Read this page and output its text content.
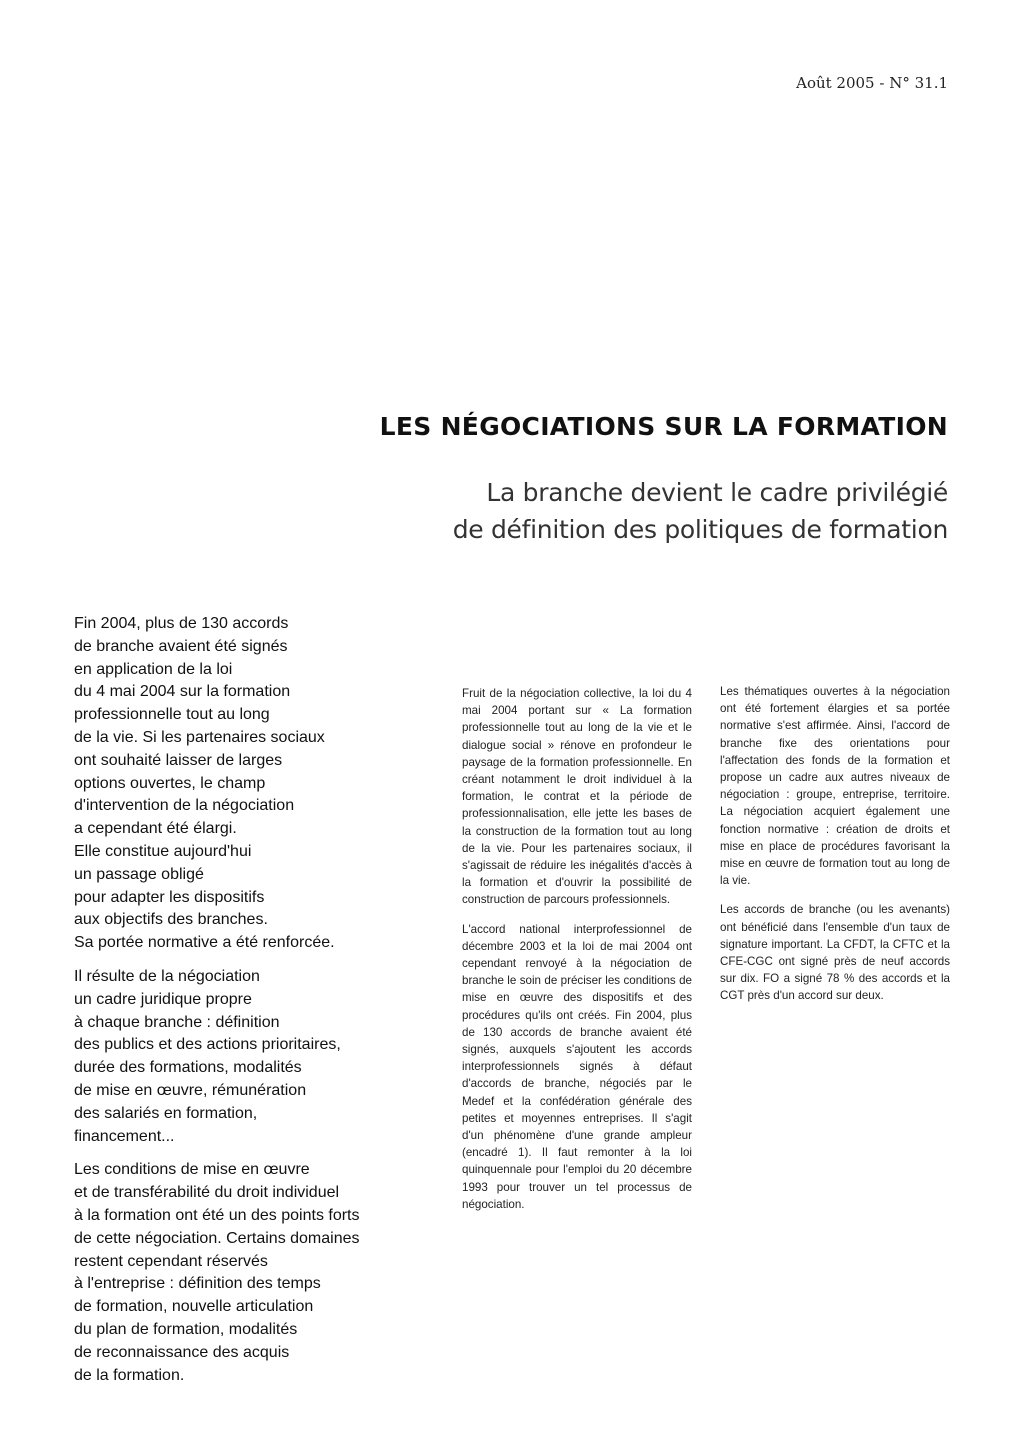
Août 2005 - N° 31.1
LES NÉGOCIATIONS SUR LA FORMATION
La branche devient le cadre privilégié
de définition des politiques de formation

Fin 2004, plus de 130 accords
de branche avaient été signés
en application de la loi
du 4 mai 2004 sur la formation
professionnelle tout au long
de la vie. Si les partenaires sociaux
ont souhaité laisser de larges
options ouvertes, le champ
d'intervention de la négociation
a cependant été élargi.
Elle constitue aujourd'hui
un passage obligé
pour adapter les dispositifs
aux objectifs des branches.
Sa portée normative a été renforcée.

Il résulte de la négociation
un cadre juridique propre
à chaque branche : définition
des publics et des actions prioritaires,
durée des formations, modalités
de mise en œuvre, rémunération
des salariés en formation,
financement...

Les conditions de mise en œuvre
et de transférabilité du droit individuel
à la formation ont été un des points forts
de cette négociation. Certains domaines
restent cependant réservés
à l'entreprise : définition des temps
de formation, nouvelle articulation
du plan de formation, modalités
de reconnaissance des acquis
de la formation.

Fruit de la négociation collective, la loi du 4 mai 2004 portant sur « La formation professionnelle tout au long de la vie et le dialogue social » rénove en profondeur le paysage de la formation professionnelle. En créant notamment le droit individuel à la formation, le contrat et la période de professionnalisation, elle jette les bases de la construction de la formation tout au long de la vie. Pour les partenaires sociaux, il s'agissait de réduire les inégalités d'accès à la formation et d'ouvrir la possibilité de construction de parcours professionnels.

L'accord national interprofessionnel de décembre 2003 et la loi de mai 2004 ont cependant renvoyé à la négociation de branche le soin de préciser les conditions de mise en œuvre des dispositifs et des procédures qu'ils ont créés. Fin 2004, plus de 130 accords de branche avaient été signés, auxquels s'ajoutent les accords interprofessionnels signés à défaut d'accords de branche, négociés par le Medef et la confédération générale des petites et moyennes entreprises. Il s'agit d'un phénomène d'une grande ampleur (encadré 1). Il faut remonter à la loi quinquennale pour l'emploi du 20 décembre 1993 pour trouver un tel processus de négociation.

Les thématiques ouvertes à la négociation ont été fortement élargies et sa portée normative s'est affirmée. Ainsi, l'accord de branche fixe des orientations pour l'affectation des fonds de la formation et propose un cadre aux autres niveaux de négociation : groupe, entreprise, territoire. La négociation acquiert également une fonction normative : création de droits et mise en place de procédures favorisant la mise en œuvre de formation tout au long de la vie.

Les accords de branche (ou les avenants) ont bénéficié dans l'ensemble d'un taux de signature important. La CFDT, la CFTC et la CFE-CGC ont signé près de neuf accords sur dix. FO a signé 78 % des accords et la CGT près d'un accord sur deux.
